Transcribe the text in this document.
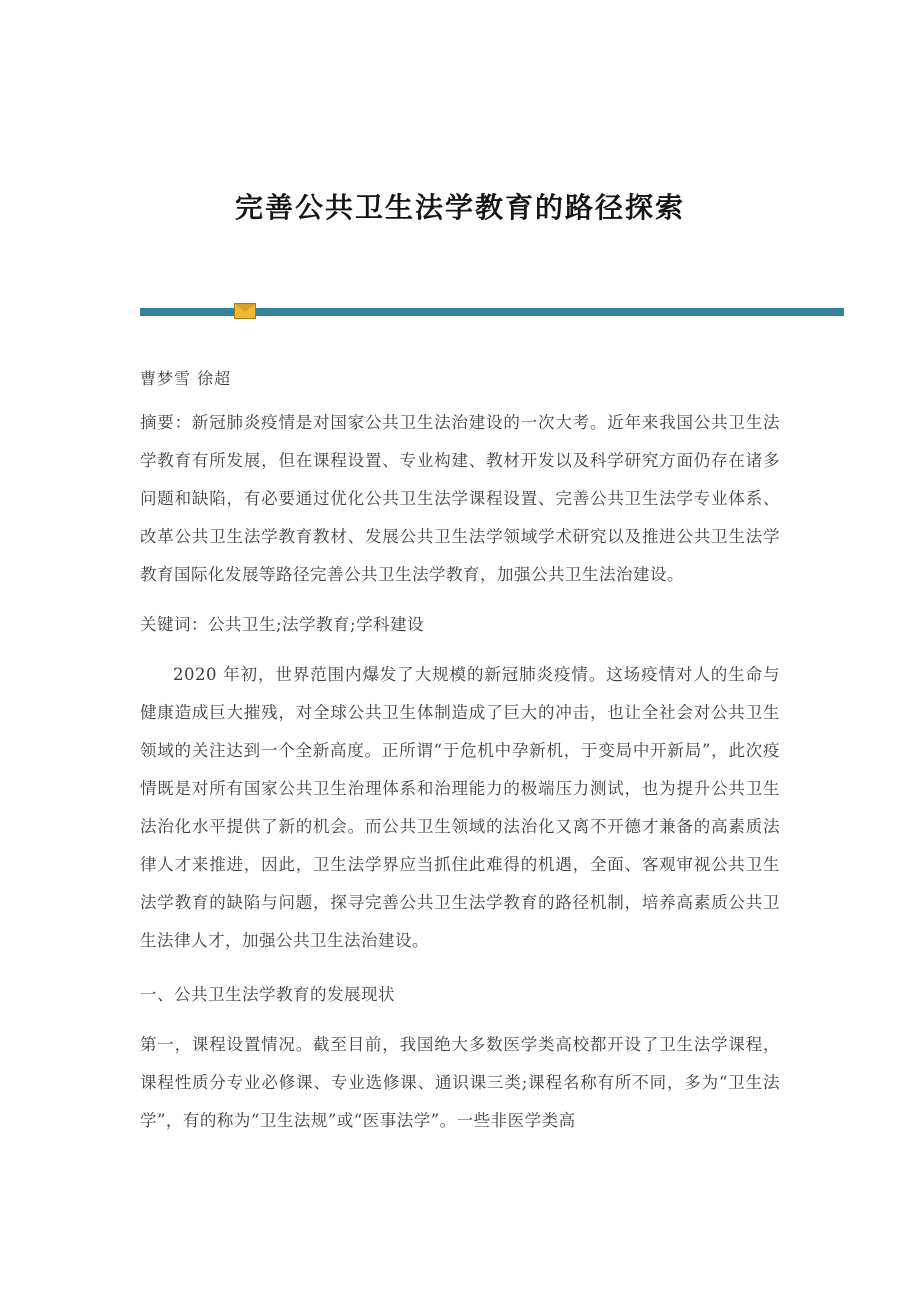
完善公共卫生法学教育的路径探索

曹梦雪 徐超

摘要：新冠肺炎疫情是对国家公共卫生法治建设的一次大考。近年来我国公共卫生法学教育有所发展，但在课程设置、专业构建、教材开发以及科学研究方面仍存在诸多问题和缺陷，有必要通过优化公共卫生法学课程设置、完善公共卫生法学专业体系、改革公共卫生法学教育教材、发展公共卫生法学领域学术研究以及推进公共卫生法学教育国际化发展等路径完善公共卫生法学教育，加强公共卫生法治建设。

关键词：公共卫生;法学教育;学科建设

2020 年初，世界范围内爆发了大规模的新冠肺炎疫情。这场疫情对人的生命与健康造成巨大摧残，对全球公共卫生体制造成了巨大的冲击，也让全社会对公共卫生领域的关注达到一个全新高度。正所谓“于危机中孕新机，于变局中开新局”，此次疫情既是对所有国家公共卫生治理体系和治理能力的极端压力测试，也为提升公共卫生法治化水平提供了新的机会。而公共卫生领域的法治化又离不开德才兼备的高素质法律人才来推进，因此，卫生法学界应当抓住此难得的机遇，全面、客观审视公共卫生法学教育的缺陷与问题，探寻完善公共卫生法学教育的路径机制，培养高素质公共卫生法律人才，加强公共卫生法治建设。

一、公共卫生法学教育的发展现状

第一，课程设置情况。截至目前，我国绝大多数医学类高校都开设了卫生法学课程，课程性质分专业必修课、专业选修课、通识课三类;课程名称有所不同，多为“卫生法学”，有的称为“卫生法规”或“医事法学”。一些非医学类高
